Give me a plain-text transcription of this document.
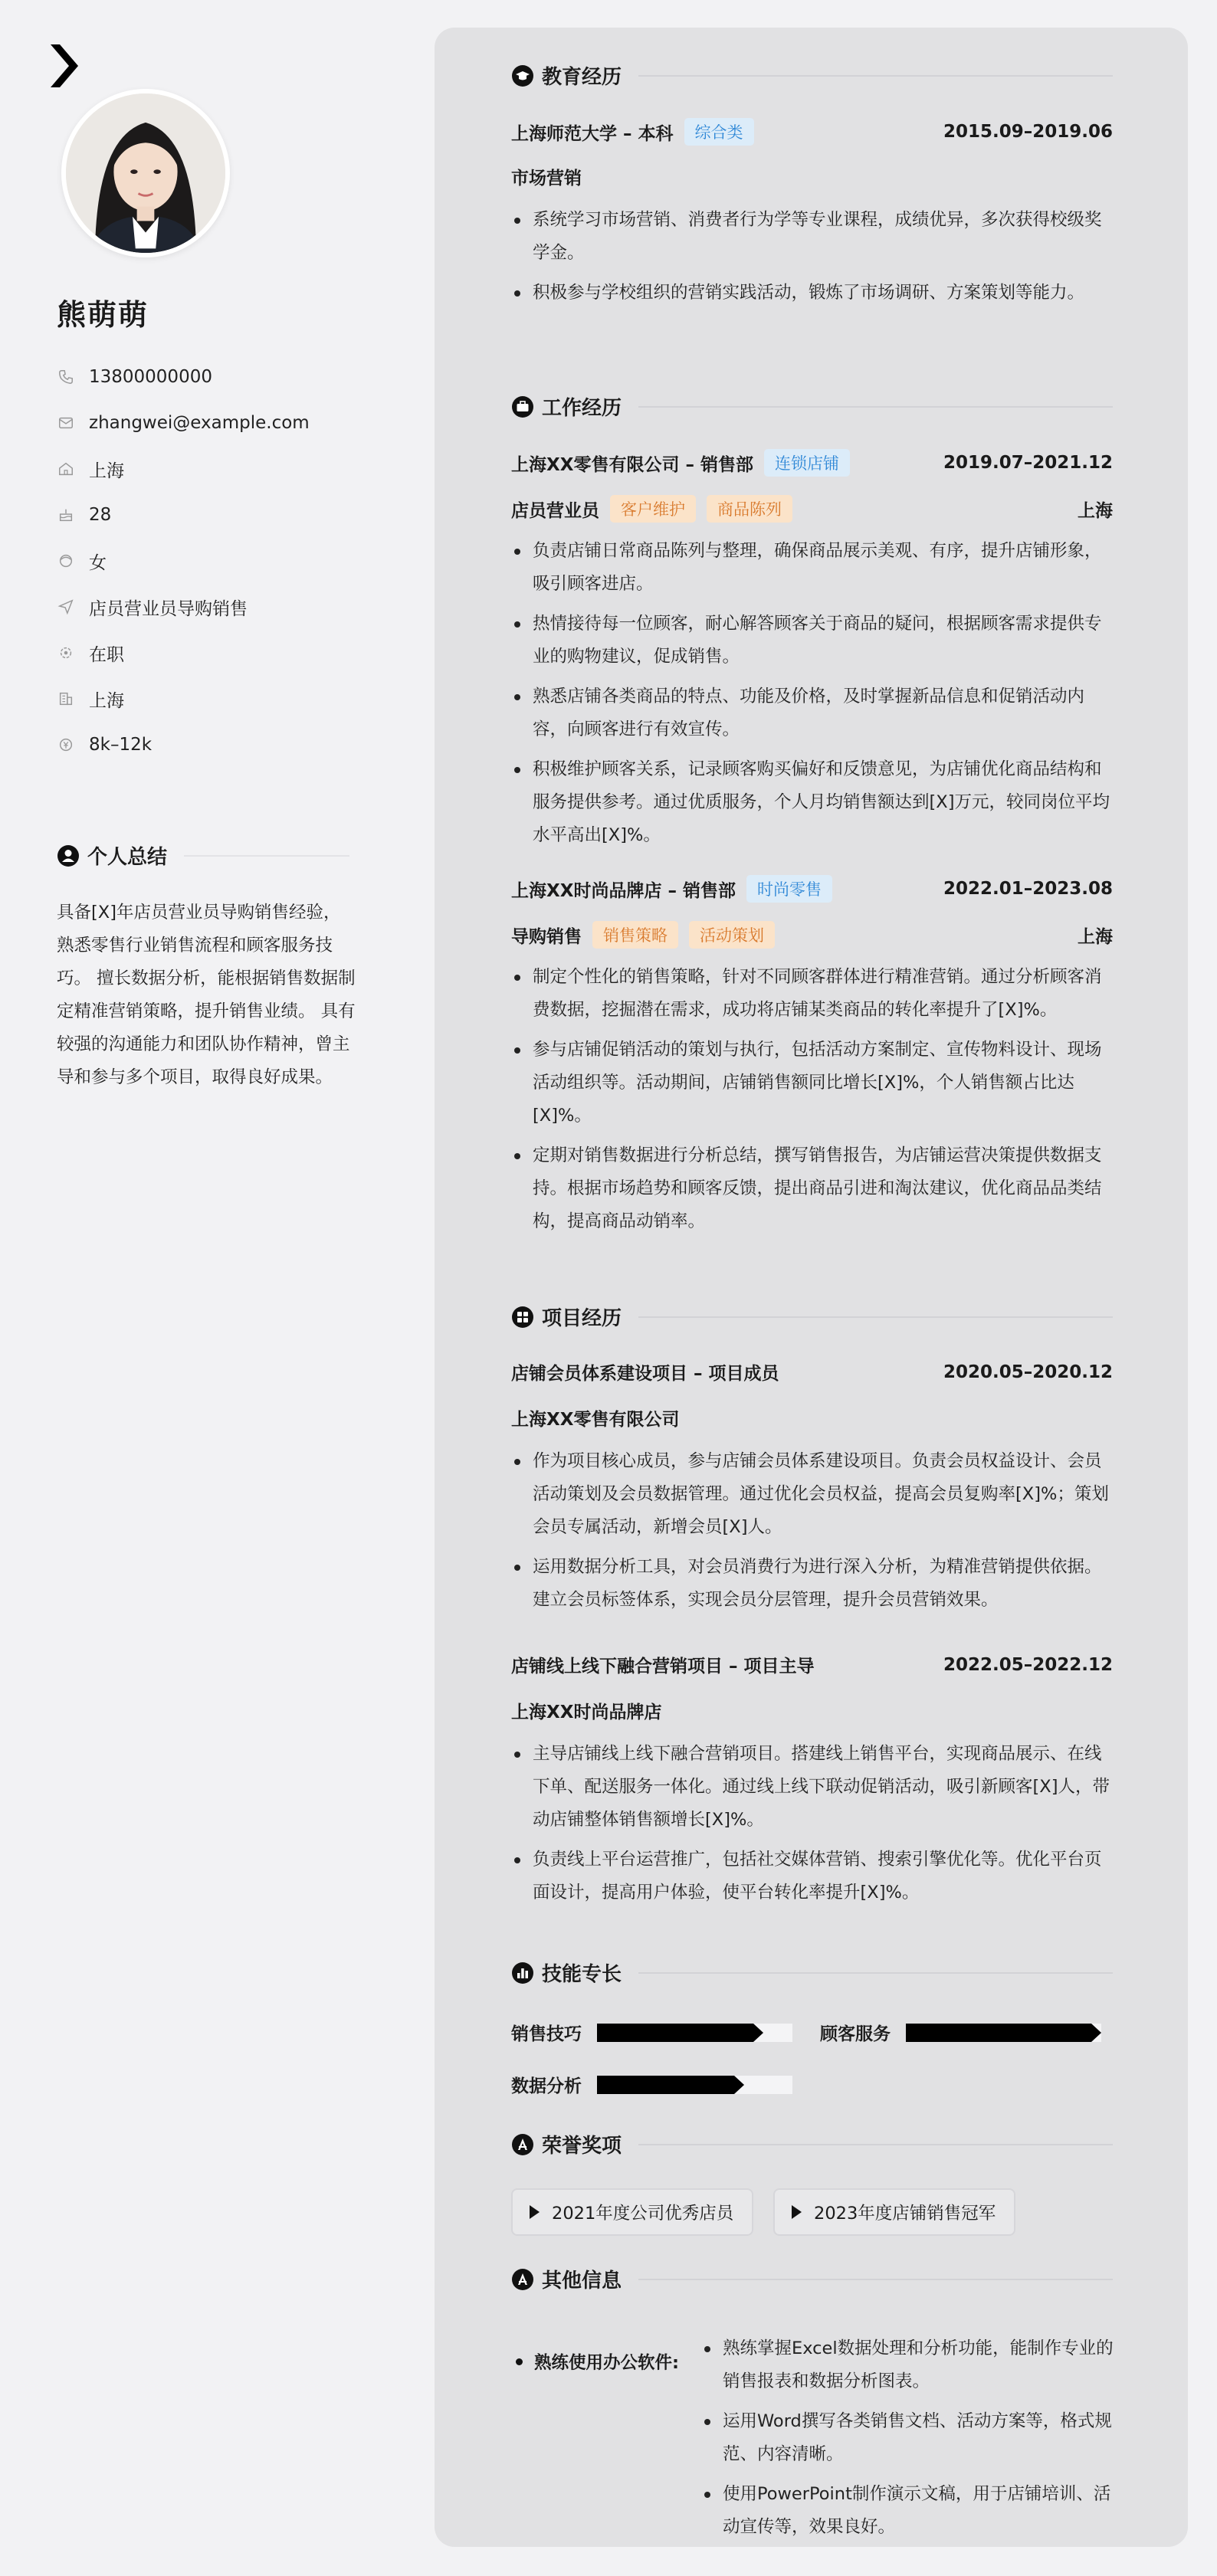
熊萌萌
13800000000
zhangwei@example.com
上海
28
女
店员营业员导购销售
在职
上海
8k–12k
个人总结
具备[X]年店员营业员导购销售经验，熟悉零售行业销售流程和顾客服务技巧。 擅长数据分析，能根据销售数据制定精准营销策略，提升销售业绩。 具有较强的沟通能力和团队协作精神，曾主导和参与多个项目，取得良好成果。
教育经历
上海师范大学 – 本科	综合类	2015.09–2019.06
市场营销
系统学习市场营销、消费者行为学等专业课程，成绩优异，多次获得校级奖学金。
积极参与学校组织的营销实践活动，锻炼了市场调研、方案策划等能力。
工作经历
上海XX零售有限公司 – 销售部	连锁店铺	2019.07–2021.12
店员营业员	客户维护	商品陈列	上海
负责店铺日常商品陈列与整理，确保商品展示美观、有序，提升店铺形象，吸引顾客进店。
热情接待每一位顾客，耐心解答顾客关于商品的疑问，根据顾客需求提供专业的购物建议，促成销售。
熟悉店铺各类商品的特点、功能及价格，及时掌握新品信息和促销活动内容，向顾客进行有效宣传。
积极维护顾客关系，记录顾客购买偏好和反馈意见，为店铺优化商品结构和服务提供参考。通过优质服务，个人月均销售额达到[X]万元，较同岗位平均水平高出[X]%。
上海XX时尚品牌店 – 销售部	时尚零售	2022.01–2023.08
导购销售	销售策略	活动策划	上海
制定个性化的销售策略，针对不同顾客群体进行精准营销。通过分析顾客消费数据，挖掘潜在需求，成功将店铺某类商品的转化率提升了[X]%。
参与店铺促销活动的策划与执行，包括活动方案制定、宣传物料设计、现场活动组织等。活动期间，店铺销售额同比增长[X]%，个人销售额占比达[X]%。
定期对销售数据进行分析总结，撰写销售报告，为店铺运营决策提供数据支持。根据市场趋势和顾客反馈，提出商品引进和淘汰建议，优化商品品类结构，提高商品动销率。
项目经历
店铺会员体系建设项目 – 项目成员	2020.05–2020.12
上海XX零售有限公司
作为项目核心成员，参与店铺会员体系建设项目。负责会员权益设计、会员活动策划及会员数据管理。通过优化会员权益，提高会员复购率[X]%；策划会员专属活动，新增会员[X]人。
运用数据分析工具，对会员消费行为进行深入分析，为精准营销提供依据。建立会员标签体系，实现会员分层管理，提升会员营销效果。
店铺线上线下融合营销项目 – 项目主导	2022.05–2022.12
上海XX时尚品牌店
主导店铺线上线下融合营销项目。搭建线上销售平台，实现商品展示、在线下单、配送服务一体化。通过线上线下联动促销活动，吸引新顾客[X]人，带动店铺整体销售额增长[X]%。
负责线上平台运营推广，包括社交媒体营销、搜索引擎优化等。优化平台页面设计，提高用户体验，使平台转化率提升[X]%。
技能专长
销售技巧	顾客服务
数据分析
荣誉奖项
2021年度公司优秀店员	2023年度店铺销售冠军
其他信息
熟练使用办公软件:
熟练掌握Excel数据处理和分析功能，能制作专业的销售报表和数据分析图表。
运用Word撰写各类销售文档、活动方案等，格式规范、内容清晰。
使用PowerPoint制作演示文稿，用于店铺培训、活动宣传等，效果良好。
